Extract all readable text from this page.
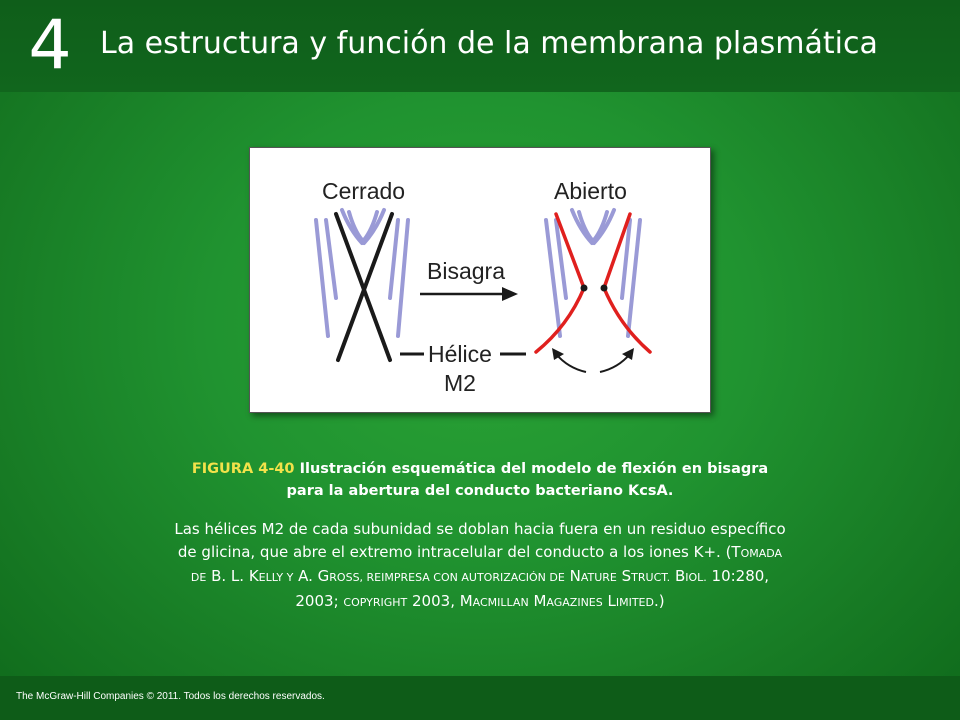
4 La estructura y función de la membrana plasmática
Cerrado
Bisagra
Hélice
M2
Abierto
FIGURA 4-40 Ilustración esquemática del modelo de flexión en bisagra
para la abertura del conducto bacteriano KcsA.
Las hélices M2 de cada subunidad se doblan hacia fuera en un residuo específico
de glicina, que abre el extremo intracelular del conducto a los iones K+. (TOMADA
DE B. L. KELLY Y A. GROSS, REIMPRESA CON AUTORIZACIÓN DE NATURE STRUCT. BIOL. 10:280,
2003; COPYRIGHT 2003, MACMILLAN MAGAZINES LIMITED.)
The McGraw-Hill Companies © 2011. Todos los derechos reservados.
